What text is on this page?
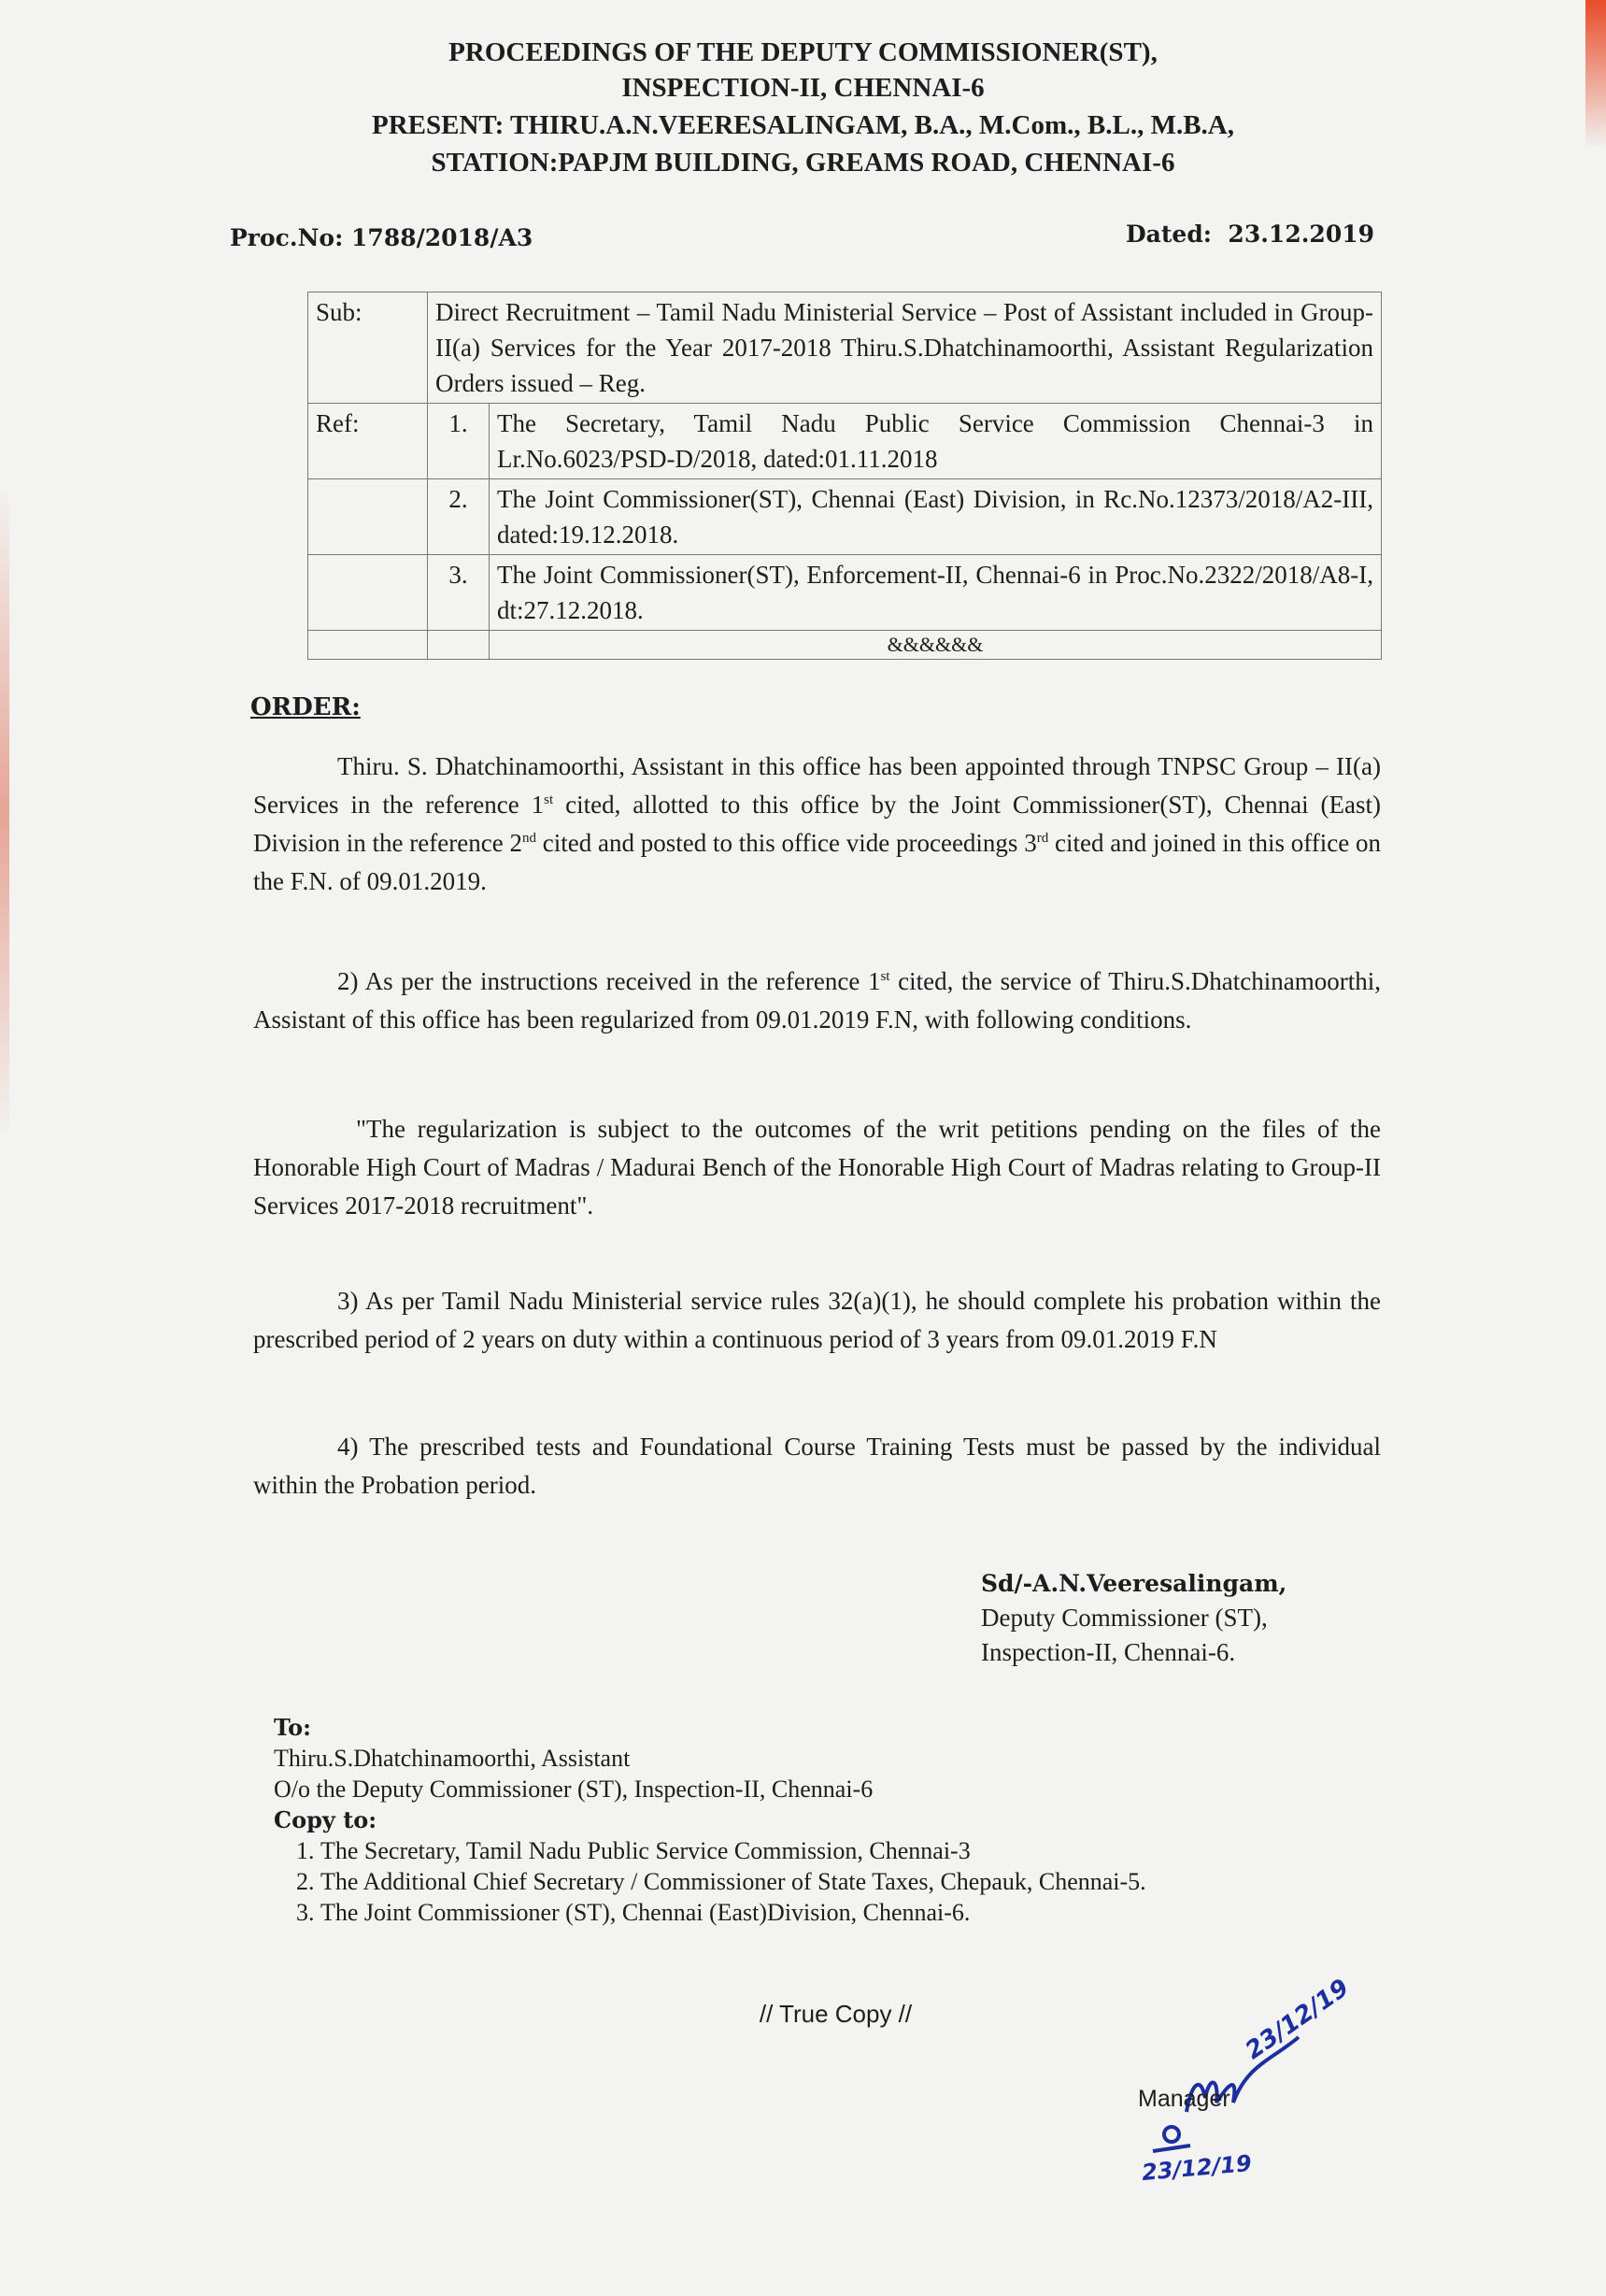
PROCEEDINGS OF THE DEPUTY COMMISSIONER(ST),
INSPECTION-II, CHENNAI-6
PRESENT: THIRU.A.N.VEERESALINGAM, B.A., M.Com., B.L., M.B.A,
STATION:PAPJM BUILDING, GREAMS ROAD, CHENNAI-6
Proc.No: 1788/2018/A3	Dated:  23.12.2019
Sub:	Direct Recruitment – Tamil Nadu Ministerial Service – Post of Assistant included in Group-II(a) Services for the Year 2017-2018 Thiru.S.Dhatchinamoorthi, Assistant Regularization Orders issued – Reg.	
Ref:	1.	The Secretary, Tamil Nadu Public Service Commission Chennai-3 in Lr.No.6023/PSD-D/2018, dated:01.11.2018
	2.	The Joint Commissioner(ST), Chennai (East) Division, in Rc.No.12373/2018/A2-III, dated:19.12.2018.
	3.	The Joint Commissioner(ST), Enforcement-II, Chennai-6 in Proc.No.2322/2018/A8-I, dt:27.12.2018.
		&&&&&&
ORDER:
Thiru. S. Dhatchinamoorthi, Assistant in this office has been appointed through TNPSC Group – II(a) Services in the reference 1st cited, allotted to this office by the Joint Commissioner(ST), Chennai (East) Division in the reference 2nd cited and posted to this office vide proceedings 3rd cited and joined in this office on the F.N. of 09.01.2019.
2) As per the instructions received in the reference 1st cited, the service of Thiru.S.Dhatchinamoorthi, Assistant of this office has been regularized from 09.01.2019 F.N, with following conditions.
"The regularization is subject to the outcomes of the writ petitions pending on the files of the Honorable High Court of Madras / Madurai Bench of the Honorable High Court of Madras relating to Group-II Services 2017-2018 recruitment".
3) As per Tamil Nadu Ministerial service rules 32(a)(1), he should complete his probation within the prescribed period of 2 years on duty within a continuous period of 3 years from 09.01.2019 F.N
4) The prescribed tests and Foundational Course Training Tests must be passed by the individual within the Probation period.
Sd/-A.N.Veeresalingam,
Deputy Commissioner (ST),
Inspection-II, Chennai-6.
To:
Thiru.S.Dhatchinamoorthi, Assistant
O/o the Deputy Commissioner (ST), Inspection-II, Chennai-6
Copy to:
1. The Secretary, Tamil Nadu Public Service Commission, Chennai-3
2. The Additional Chief Secretary / Commissioner of State Taxes, Chepauk, Chennai-5.
3. The Joint Commissioner (ST), Chennai (East)Division, Chennai-6.
// True Copy //	23/12/19
Manager
23/12/19
